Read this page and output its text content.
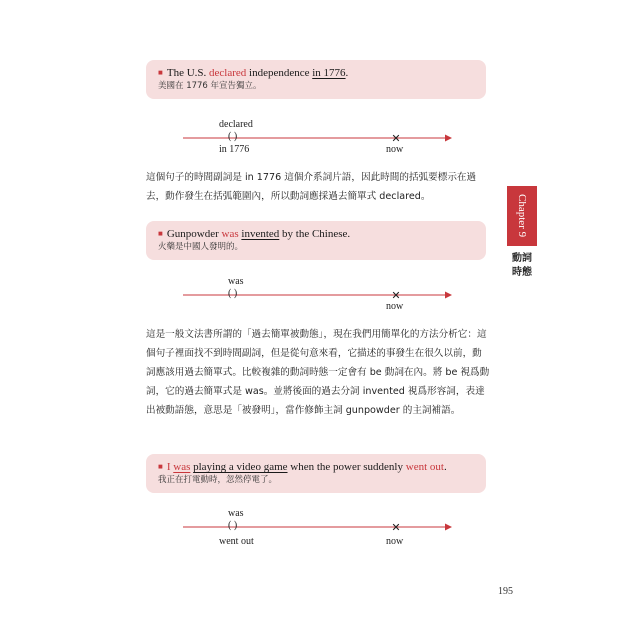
■ The U.S. declared independence in 1776.
美國在 1776 年宣告獨立。
✕
declared
( )
in 1776	now
這個句子的時間副詞是 in 1776 這個介系詞片語，因此時間的括弧要標示在過去，動作發生在括弧範圍內，所以動詞應採過去簡單式 declared。
■ Gunpowder was invented by the Chinese.
火藥是中國人發明的。
✕
was
( )
now
這是一般文法書所謂的「過去簡單被動態」，現在我們用簡單化的方法分析它：這個句子裡面找不到時間副詞，但是從句意來看，它描述的事發生在很久以前，動詞應該用過去簡單式。比較複雜的動詞時態一定會有 be 動詞在內。將 be 視爲動詞，它的過去簡單式是 was。並將後面的過去分詞 invented 視爲形容詞，表達出被動語態，意思是「被發明」，當作修飾主詞 gunpowder 的主詞補語。
■ I was playing a video game when the power suddenly went out.
我正在打電動時，忽然停電了。
✕
was
( )
went out	now
Chapter 9
動詞時態
195
